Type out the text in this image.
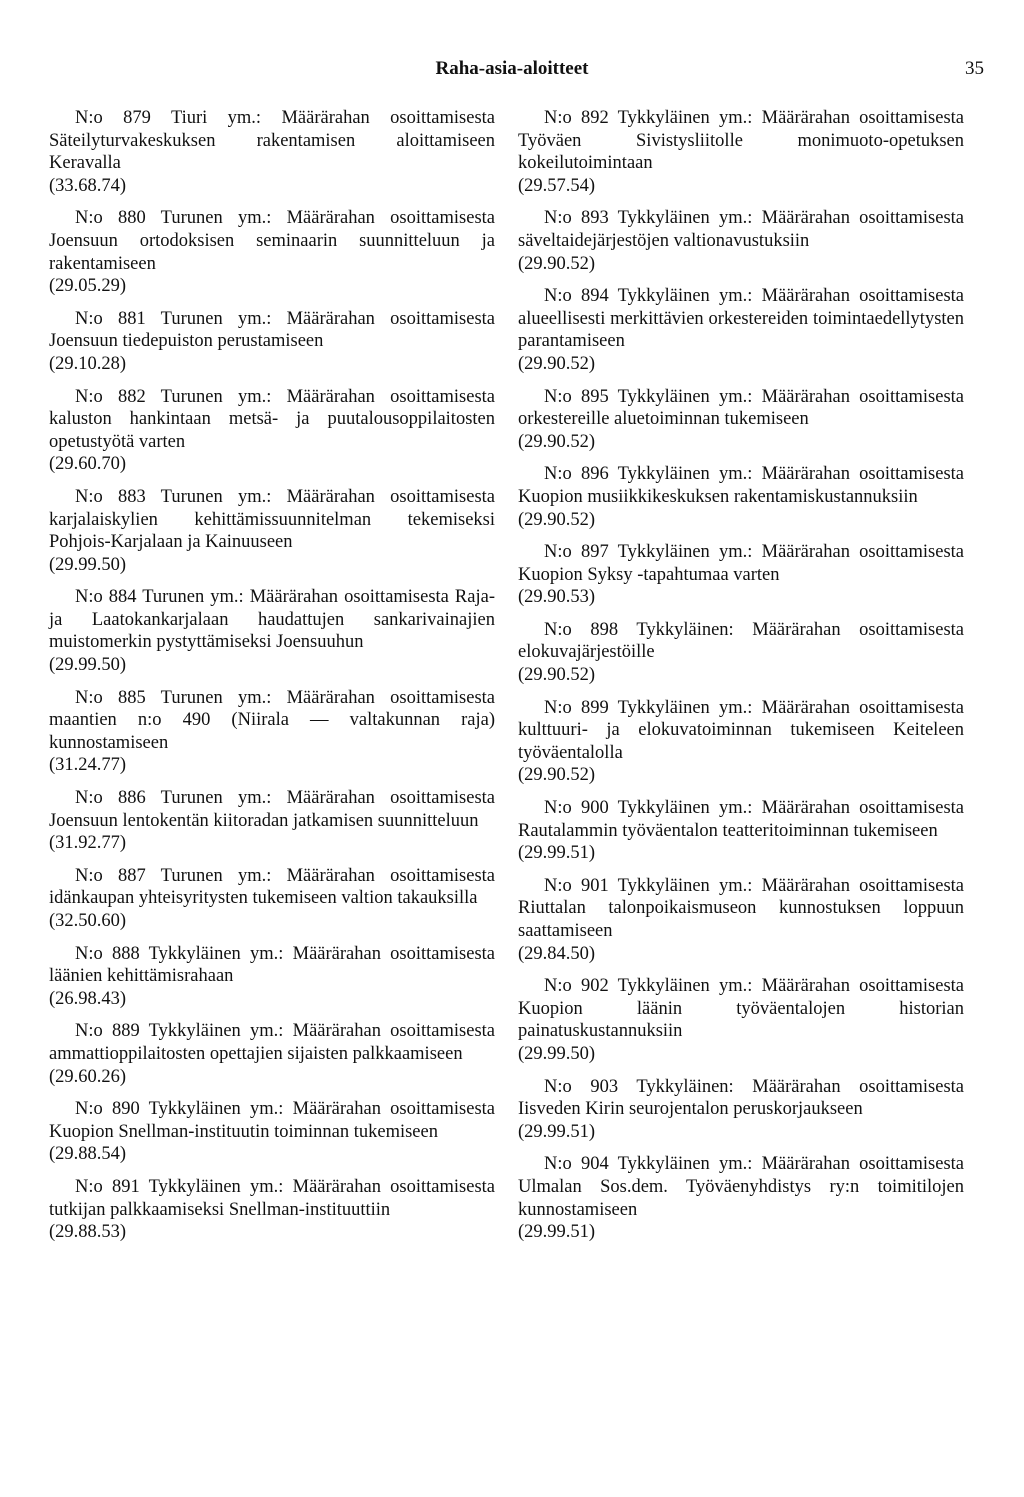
Raha-asia-aloitteet	35
N:o 879 Tiuri ym.: Määrärahan osoittamisesta Säteilyturvakeskuksen rakentamisen aloittamiseen Keravalla
(33.68.74)
N:o 880 Turunen ym.: Määrärahan osoittamisesta Joensuun ortodoksisen seminaarin suunnitteluun ja rakentamiseen
(29.05.29)
N:o 881 Turunen ym.: Määrärahan osoittamisesta Joensuun tiedepuiston perustamiseen
(29.10.28)
N:o 882 Turunen ym.: Määrärahan osoittamisesta kaluston hankintaan metsä- ja puutalousoppilaitosten opetustyötä varten
(29.60.70)
N:o 883 Turunen ym.: Määrärahan osoittamisesta karjalaiskylien kehittämissuunnitelman tekemiseksi Pohjois-Karjalaan ja Kainuuseen
(29.99.50)
N:o 884 Turunen ym.: Määrärahan osoittamisesta Raja- ja Laatokankarjalaan haudattujen sankarivainajien muistomerkin pystyttämiseksi Joensuuhun
(29.99.50)
N:o 885 Turunen ym.: Määrärahan osoittamisesta maantien n:o 490 (Niirala — valtakunnan raja) kunnostamiseen
(31.24.77)
N:o 886 Turunen ym.: Määrärahan osoittamisesta Joensuun lentokentän kiitoradan jatkamisen suunnitteluun
(31.92.77)
N:o 887 Turunen ym.: Määrärahan osoittamisesta idänkaupan yhteisyritysten tukemiseen valtion takauksilla
(32.50.60)
N:o 888 Tykkyläinen ym.: Määrärahan osoittamisesta läänien kehittämisrahaan
(26.98.43)
N:o 889 Tykkyläinen ym.: Määrärahan osoittamisesta ammattioppilaitosten opettajien sijaisten palkkaamiseen
(29.60.26)
N:o 890 Tykkyläinen ym.: Määrärahan osoittamisesta Kuopion Snellman-instituutin toiminnan tukemiseen
(29.88.54)
N:o 891 Tykkyläinen ym.: Määrärahan osoittamisesta tutkijan palkkaamiseksi Snellman-instituuttiin
(29.88.53)
N:o 892 Tykkyläinen ym.: Määrärahan osoittamisesta Työväen Sivistysliitolle monimuoto-opetuksen kokeilutoimintaan
(29.57.54)
N:o 893 Tykkyläinen ym.: Määrärahan osoittamisesta säveltaidejärjestöjen valtionavustuksiin
(29.90.52)
N:o 894 Tykkyläinen ym.: Määrärahan osoittamisesta alueellisesti merkittävien orkestereiden toimintaedellytysten parantamiseen
(29.90.52)
N:o 895 Tykkyläinen ym.: Määrärahan osoittamisesta orkestereille aluetoiminnan tukemiseen
(29.90.52)
N:o 896 Tykkyläinen ym.: Määrärahan osoittamisesta Kuopion musiikkikeskuksen rakentamiskustannuksiin
(29.90.52)
N:o 897 Tykkyläinen ym.: Määrärahan osoittamisesta Kuopion Syksy -tapahtumaa varten
(29.90.53)
N:o 898 Tykkyläinen: Määrärahan osoittamisesta elokuvajärjestöille
(29.90.52)
N:o 899 Tykkyläinen ym.: Määrärahan osoittamisesta kulttuuri- ja elokuvatoiminnan tukemiseen Keiteleen työväentalolla
(29.90.52)
N:o 900 Tykkyläinen ym.: Määrärahan osoittamisesta Rautalammin työväentalon teatteritoiminnan tukemiseen
(29.99.51)
N:o 901 Tykkyläinen ym.: Määrärahan osoittamisesta Riuttalan talonpoikaismuseon kunnostuksen loppuun saattamiseen
(29.84.50)
N:o 902 Tykkyläinen ym.: Määrärahan osoittamisesta Kuopion läänin työväentalojen historian painatuskustannuksiin
(29.99.50)
N:o 903 Tykkyläinen: Määrärahan osoittamisesta Iisveden Kirin seurojentalon peruskorjaukseen
(29.99.51)
N:o 904 Tykkyläinen ym.: Määrärahan osoittamisesta Ulmalan Sos.dem. Työväenyhdistys ry:n toimitilojen kunnostamiseen
(29.99.51)
